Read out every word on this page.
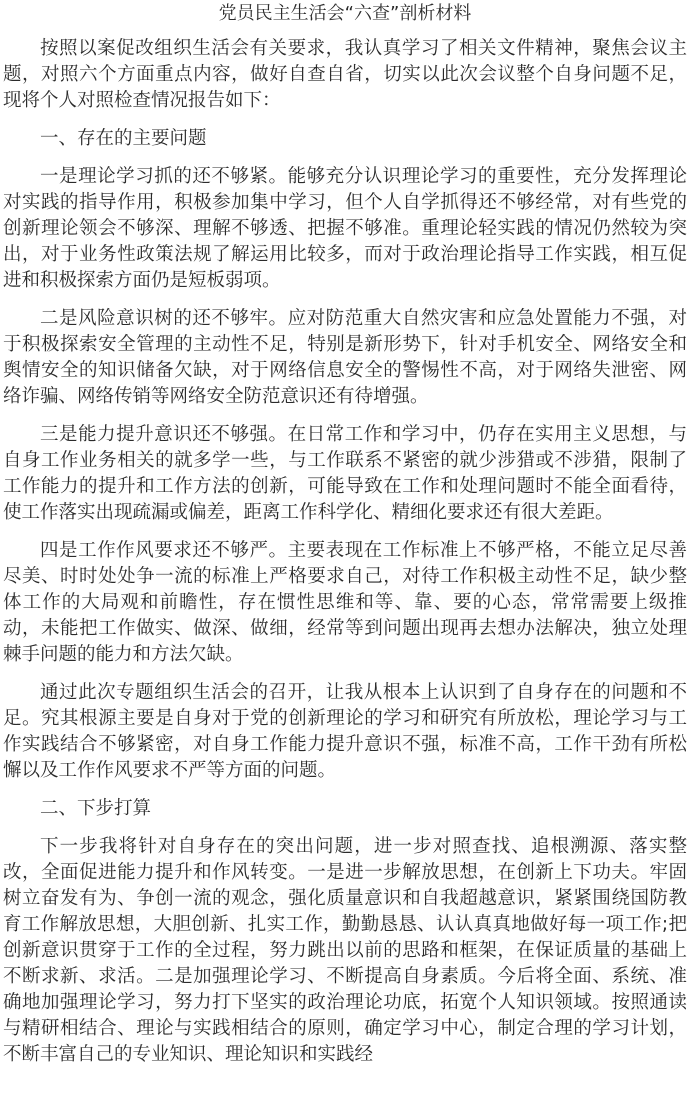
党员民主生活会“六查”剖析材料

按照以案促改组织生活会有关要求，我认真学习了相关文件精神，聚焦会议主题，对照六个方面重点内容，做好自查自省，切实以此次会议整个自身问题不足，现将个人对照检查情况报告如下：

一、存在的主要问题

一是理论学习抓的还不够紧。能够充分认识理论学习的重要性，充分发挥理论对实践的指导作用，积极参加集中学习，但个人自学抓得还不够经常，对有些党的创新理论领会不够深、理解不够透、把握不够准。重理论轻实践的情况仍然较为突出，对于业务性政策法规了解运用比较多，而对于政治理论指导工作实践，相互促进和积极探索方面仍是短板弱项。

二是风险意识树的还不够牢。应对防范重大自然灾害和应急处置能力不强，对于积极探索安全管理的主动性不足，特别是新形势下，针对手机安全、网络安全和舆情安全的知识储备欠缺，对于网络信息安全的警惕性不高，对于网络失泄密、网络诈骗、网络传销等网络安全防范意识还有待增强。

三是能力提升意识还不够强。在日常工作和学习中，仍存在实用主义思想，与自身工作业务相关的就多学一些，与工作联系不紧密的就少涉猎或不涉猎，限制了工作能力的提升和工作方法的创新，可能导致在工作和处理问题时不能全面看待，使工作落实出现疏漏或偏差，距离工作科学化、精细化要求还有很大差距。

四是工作作风要求还不够严。主要表现在工作标准上不够严格，不能立足尽善尽美、时时处处争一流的标准上严格要求自己，对待工作积极主动性不足，缺少整体工作的大局观和前瞻性，存在惯性思维和等、靠、要的心态，常常需要上级推动，未能把工作做实、做深、做细，经常等到问题出现再去想办法解决，独立处理棘手问题的能力和方法欠缺。

通过此次专题组织生活会的召开，让我从根本上认识到了自身存在的问题和不足。究其根源主要是自身对于党的创新理论的学习和研究有所放松，理论学习与工作实践结合不够紧密，对自身工作能力提升意识不强，标准不高，工作干劲有所松懈以及工作作风要求不严等方面的问题。

二、下步打算

下一步我将针对自身存在的突出问题，进一步对照查找、追根溯源、落实整改，全面促进能力提升和作风转变。一是进一步解放思想，在创新上下功夫。牢固树立奋发有为、争创一流的观念，强化质量意识和自我超越意识，紧紧围绕国防教育工作解放思想，大胆创新、扎实工作，勤勤恳恳、认认真真地做好每一项工作;把创新意识贯穿于工作的全过程，努力跳出以前的思路和框架，在保证质量的基础上不断求新、求活。二是加强理论学习、不断提高自身素质。今后将全面、系统、准确地加强理论学习，努力打下坚实的政治理论功底，拓宽个人知识领域。按照通读与精研相结合、理论与实践相结合的原则，确定学习中心，制定合理的学习计划，不断丰富自己的专业知识、理论知识和实践经
